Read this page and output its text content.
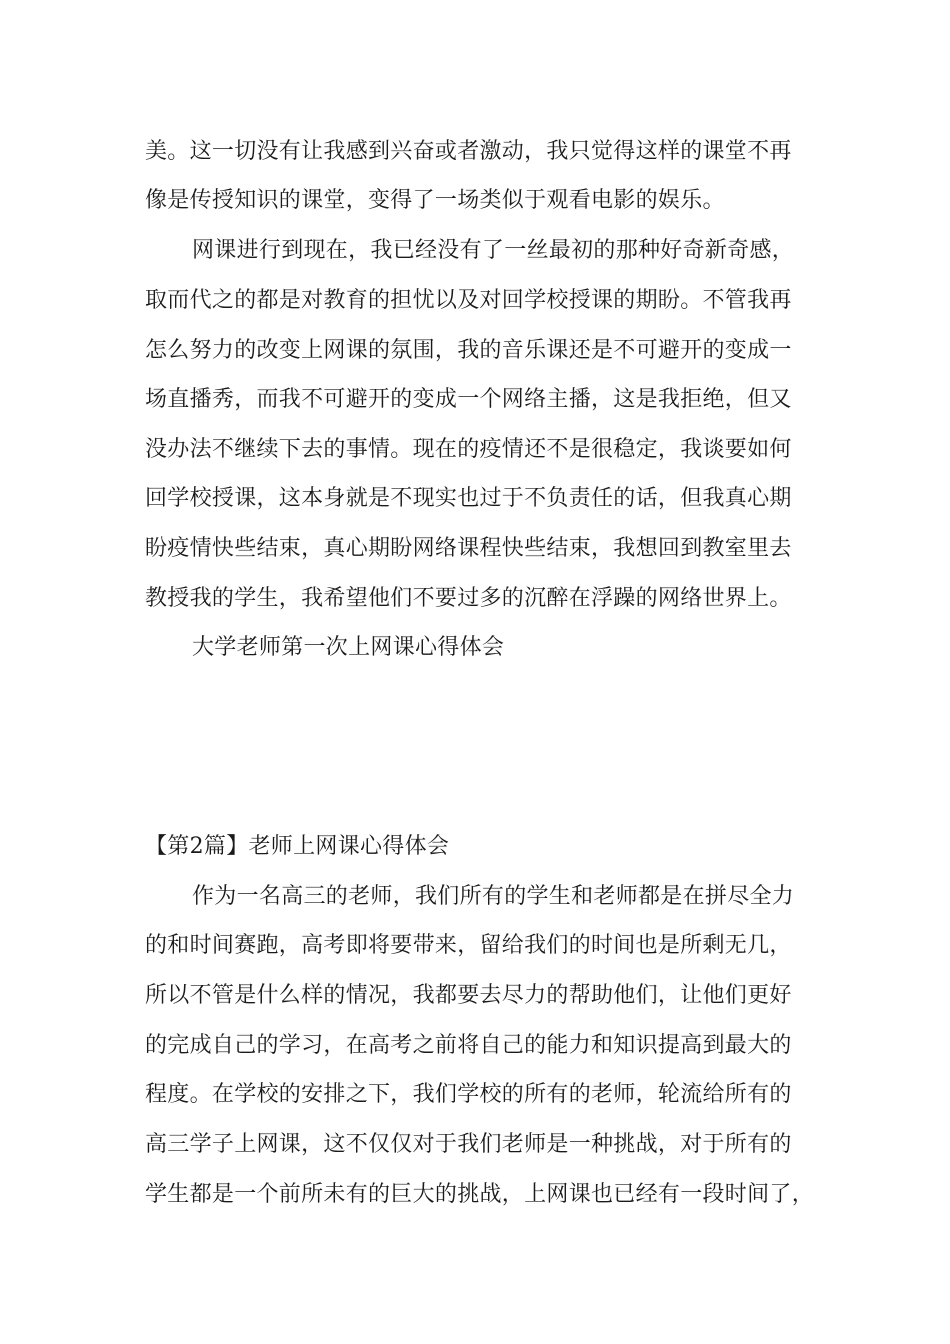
美。这一切没有让我感到兴奋或者激动，我只觉得这样的课堂不再
像是传授知识的课堂，变得了一场类似于观看电影的娱乐。
网课进行到现在，我已经没有了一丝最初的那种好奇新奇感，
取而代之的都是对教育的担忧以及对回学校授课的期盼。不管我再
怎么努力的改变上网课的氛围，我的音乐课还是不可避开的变成一
场直播秀，而我不可避开的变成一个网络主播，这是我拒绝，但又
没办法不继续下去的事情。现在的疫情还不是很稳定，我谈要如何
回学校授课，这本身就是不现实也过于不负责任的话，但我真心期
盼疫情快些结束，真心期盼网络课程快些结束，我想回到教室里去
教授我的学生，我希望他们不要过多的沉醉在浮躁的网络世界上。
大学老师第一次上网课心得体会
【第2篇】老师上网课心得体会
作为一名高三的老师，我们所有的学生和老师都是在拼尽全力
的和时间赛跑，高考即将要带来，留给我们的时间也是所剩无几，
所以不管是什么样的情况，我都要去尽力的帮助他们，让他们更好
的完成自己的学习，在高考之前将自己的能力和知识提高到最大的
程度。在学校的安排之下，我们学校的所有的老师，轮流给所有的
高三学子上网课，这不仅仅对于我们老师是一种挑战，对于所有的
学生都是一个前所未有的巨大的挑战，上网课也已经有一段时间了，
